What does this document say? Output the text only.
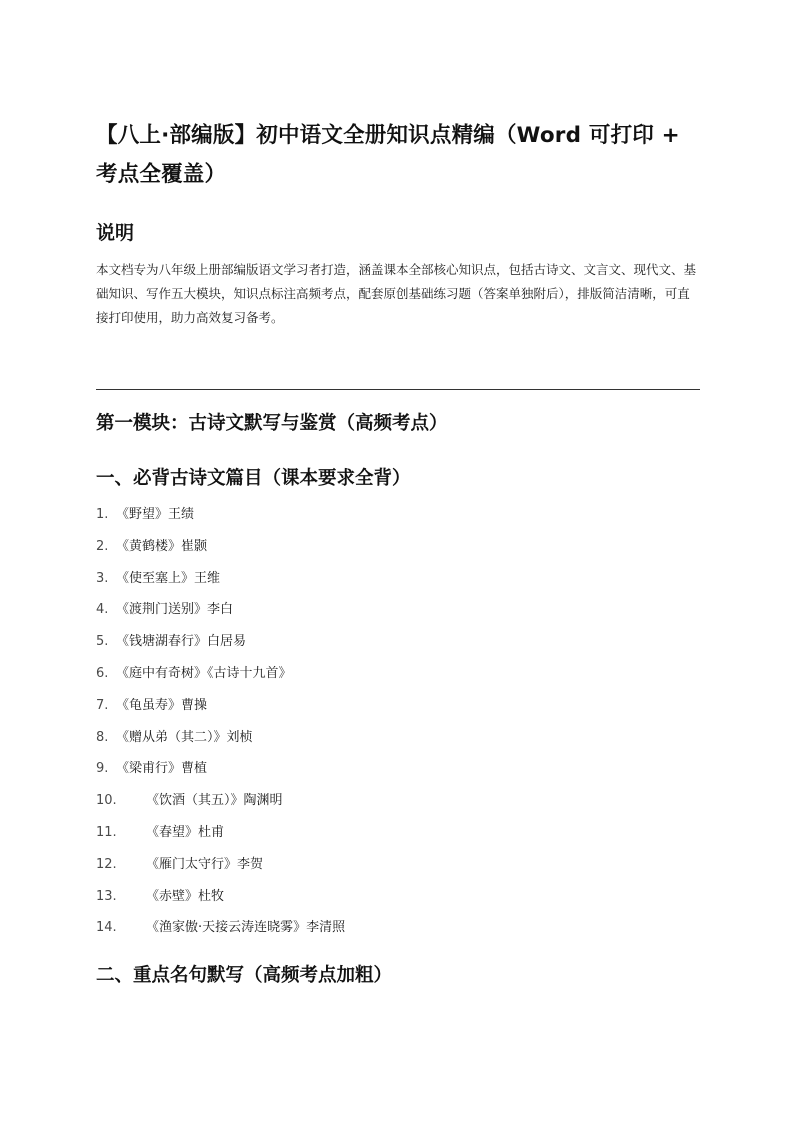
【八上·部编版】初中语文全册知识点精编（Word 可打印 + 考点全覆盖）
说明

本文档专为八年级上册部编版语文学习者打造，涵盖课本全部核心知识点，包括古诗文、文言文、现代文、基础知识、写作五大模块，知识点标注高频考点，配套原创基础练习题（答案单独附后），排版简洁清晰，可直接打印使用，助力高效复习备考。

第一模块：古诗文默写与鉴赏（高频考点）
一、必背古诗文篇目（课本要求全背）
1. 《野望》王绩
2. 《黄鹤楼》崔颢
3. 《使至塞上》王维
4. 《渡荆门送别》李白
5. 《钱塘湖春行》白居易
6. 《庭中有奇树》《古诗十九首》
7. 《龟虽寿》曹操
8. 《赠从弟（其二）》刘桢
9. 《梁甫行》曹植
10.	《饮酒（其五）》陶渊明
11.	《春望》杜甫
12.	《雁门太守行》李贺
13.	《赤壁》杜牧
14.	《渔家傲·天接云涛连晓雾》李清照
二、重点名句默写（高频考点加粗）
